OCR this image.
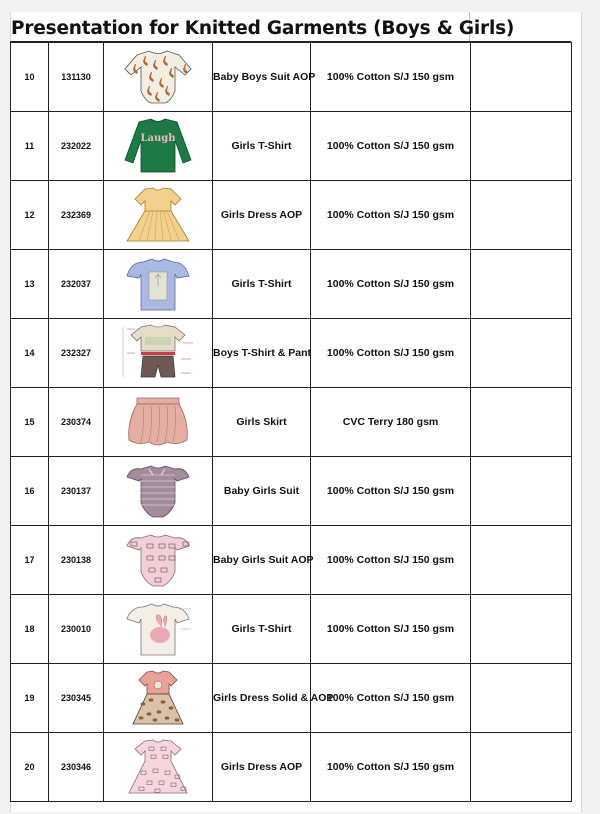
Presentation for Knitted Garments (Boys & Girls)
10	131130		Baby Boys Suit AOP	100% Cotton S/J 150 gsm	
11	232022	Laugh	Girls T-Shirt	100% Cotton S/J 150 gsm	
12	232369		Girls Dress AOP	100% Cotton S/J 150 gsm	
13	232037		Girls T-Shirt	100% Cotton S/J 150 gsm	
14	232327		Boys T-Shirt & Pant	100% Cotton S/J 150 gsm	
15	230374		Girls Skirt	CVC Terry 180 gsm	
16	230137		Baby Girls Suit	100% Cotton S/J 150 gsm	
17	230138		Baby Girls Suit AOP	100% Cotton S/J 150 gsm	
18	230010		Girls T-Shirt	100% Cotton S/J 150 gsm	
19	230345		Girls Dress Solid & AOP	100% Cotton S/J 150 gsm	
20	230346		Girls Dress AOP	100% Cotton S/J 150 gsm	
